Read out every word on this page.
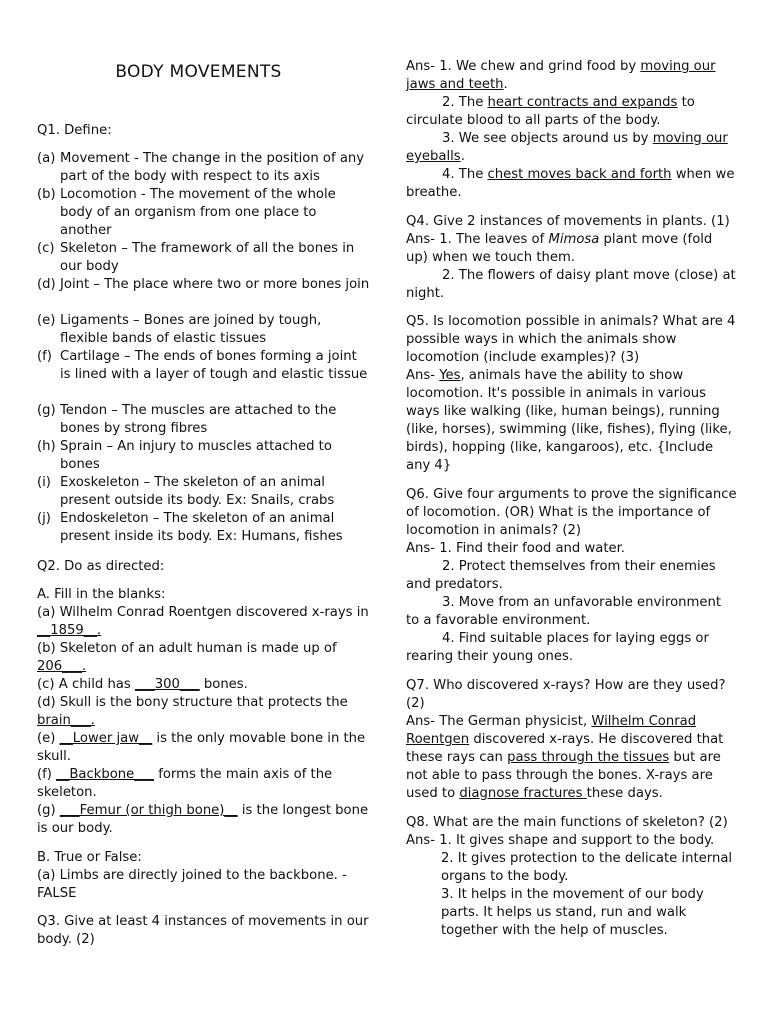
BODY MOVEMENTS
Q1. Define:
(a) Movement - The change in the position of any part of the body with respect to its axis
(b) Locomotion - The movement of the whole body of an organism from one place to another
(c) Skeleton – The framework of all the bones in our body
(d) Joint – The place where two or more bones join
(e) Ligaments – Bones are joined by tough, flexible bands of elastic tissues
(f) Cartilage – The ends of bones forming a joint is lined with a layer of tough and elastic tissue
(g) Tendon – The muscles are attached to the bones by strong fibres
(h) Sprain – An injury to muscles attached to bones
(i) Exoskeleton – The skeleton of an animal present outside its body. Ex: Snails, crabs
(j) Endoskeleton – The skeleton of an animal present inside its body. Ex: Humans, fishes
Q2. Do as directed:

A. Fill in the blanks:

(a) Wilhelm Conrad Roentgen discovered x-rays in __1859__.

(b) Skeleton of an adult human is made up of 206___.

(c) A child has ___300___ bones.

(d) Skull is the bony structure that protects the brain___.

(e) __Lower jaw__ is the only movable bone in the skull.

(f) __Backbone___ forms the main axis of the skeleton.

(g) ___Femur (or thigh bone)__ is the longest bone is our body.

B. True or False:

(a) Limbs are directly joined to the backbone. - FALSE

Q3. Give at least 4 instances of movements in our body. (2)

Ans- 1. We chew and grind food by moving our jaws and teeth.

2. The heart contracts and expands to circulate blood to all parts of the body.

3. We see objects around us by moving our eyeballs.

4. The chest moves back and forth when we breathe.

Q4. Give 2 instances of movements in plants. (1)

Ans- 1. The leaves of Mimosa plant move (fold up) when we touch them.

2. The flowers of daisy plant move (close) at night.

Q5. Is locomotion possible in animals? What are 4 possible ways in which the animals show locomotion (include examples)? (3)

Ans- Yes, animals have the ability to show locomotion. It's possible in animals in various ways like walking (like, human beings), running (like, horses), swimming (like, fishes), flying (like, birds), hopping (like, kangaroos), etc. {Include any 4}

Q6. Give four arguments to prove the significance of locomotion. (OR) What is the importance of locomotion in animals? (2)

Ans- 1. Find their food and water.

2. Protect themselves from their enemies and predators.

3. Move from an unfavorable environment to a favorable environment.

4. Find suitable places for laying eggs or rearing their young ones.

Q7. Who discovered x-rays? How are they used? (2)

Ans- The German physicist, Wilhelm Conrad Roentgen discovered x-rays. He discovered that these rays can pass through the tissues but are not able to pass through the bones. X-rays are used to diagnose fractures these days.

Q8. What are the main functions of skeleton? (2)

Ans- 1. It gives shape and support to the body.

2. It gives protection to the delicate internal organs to the body.

3. It helps in the movement of our body parts. It helps us stand, run and walk together with the help of muscles.
